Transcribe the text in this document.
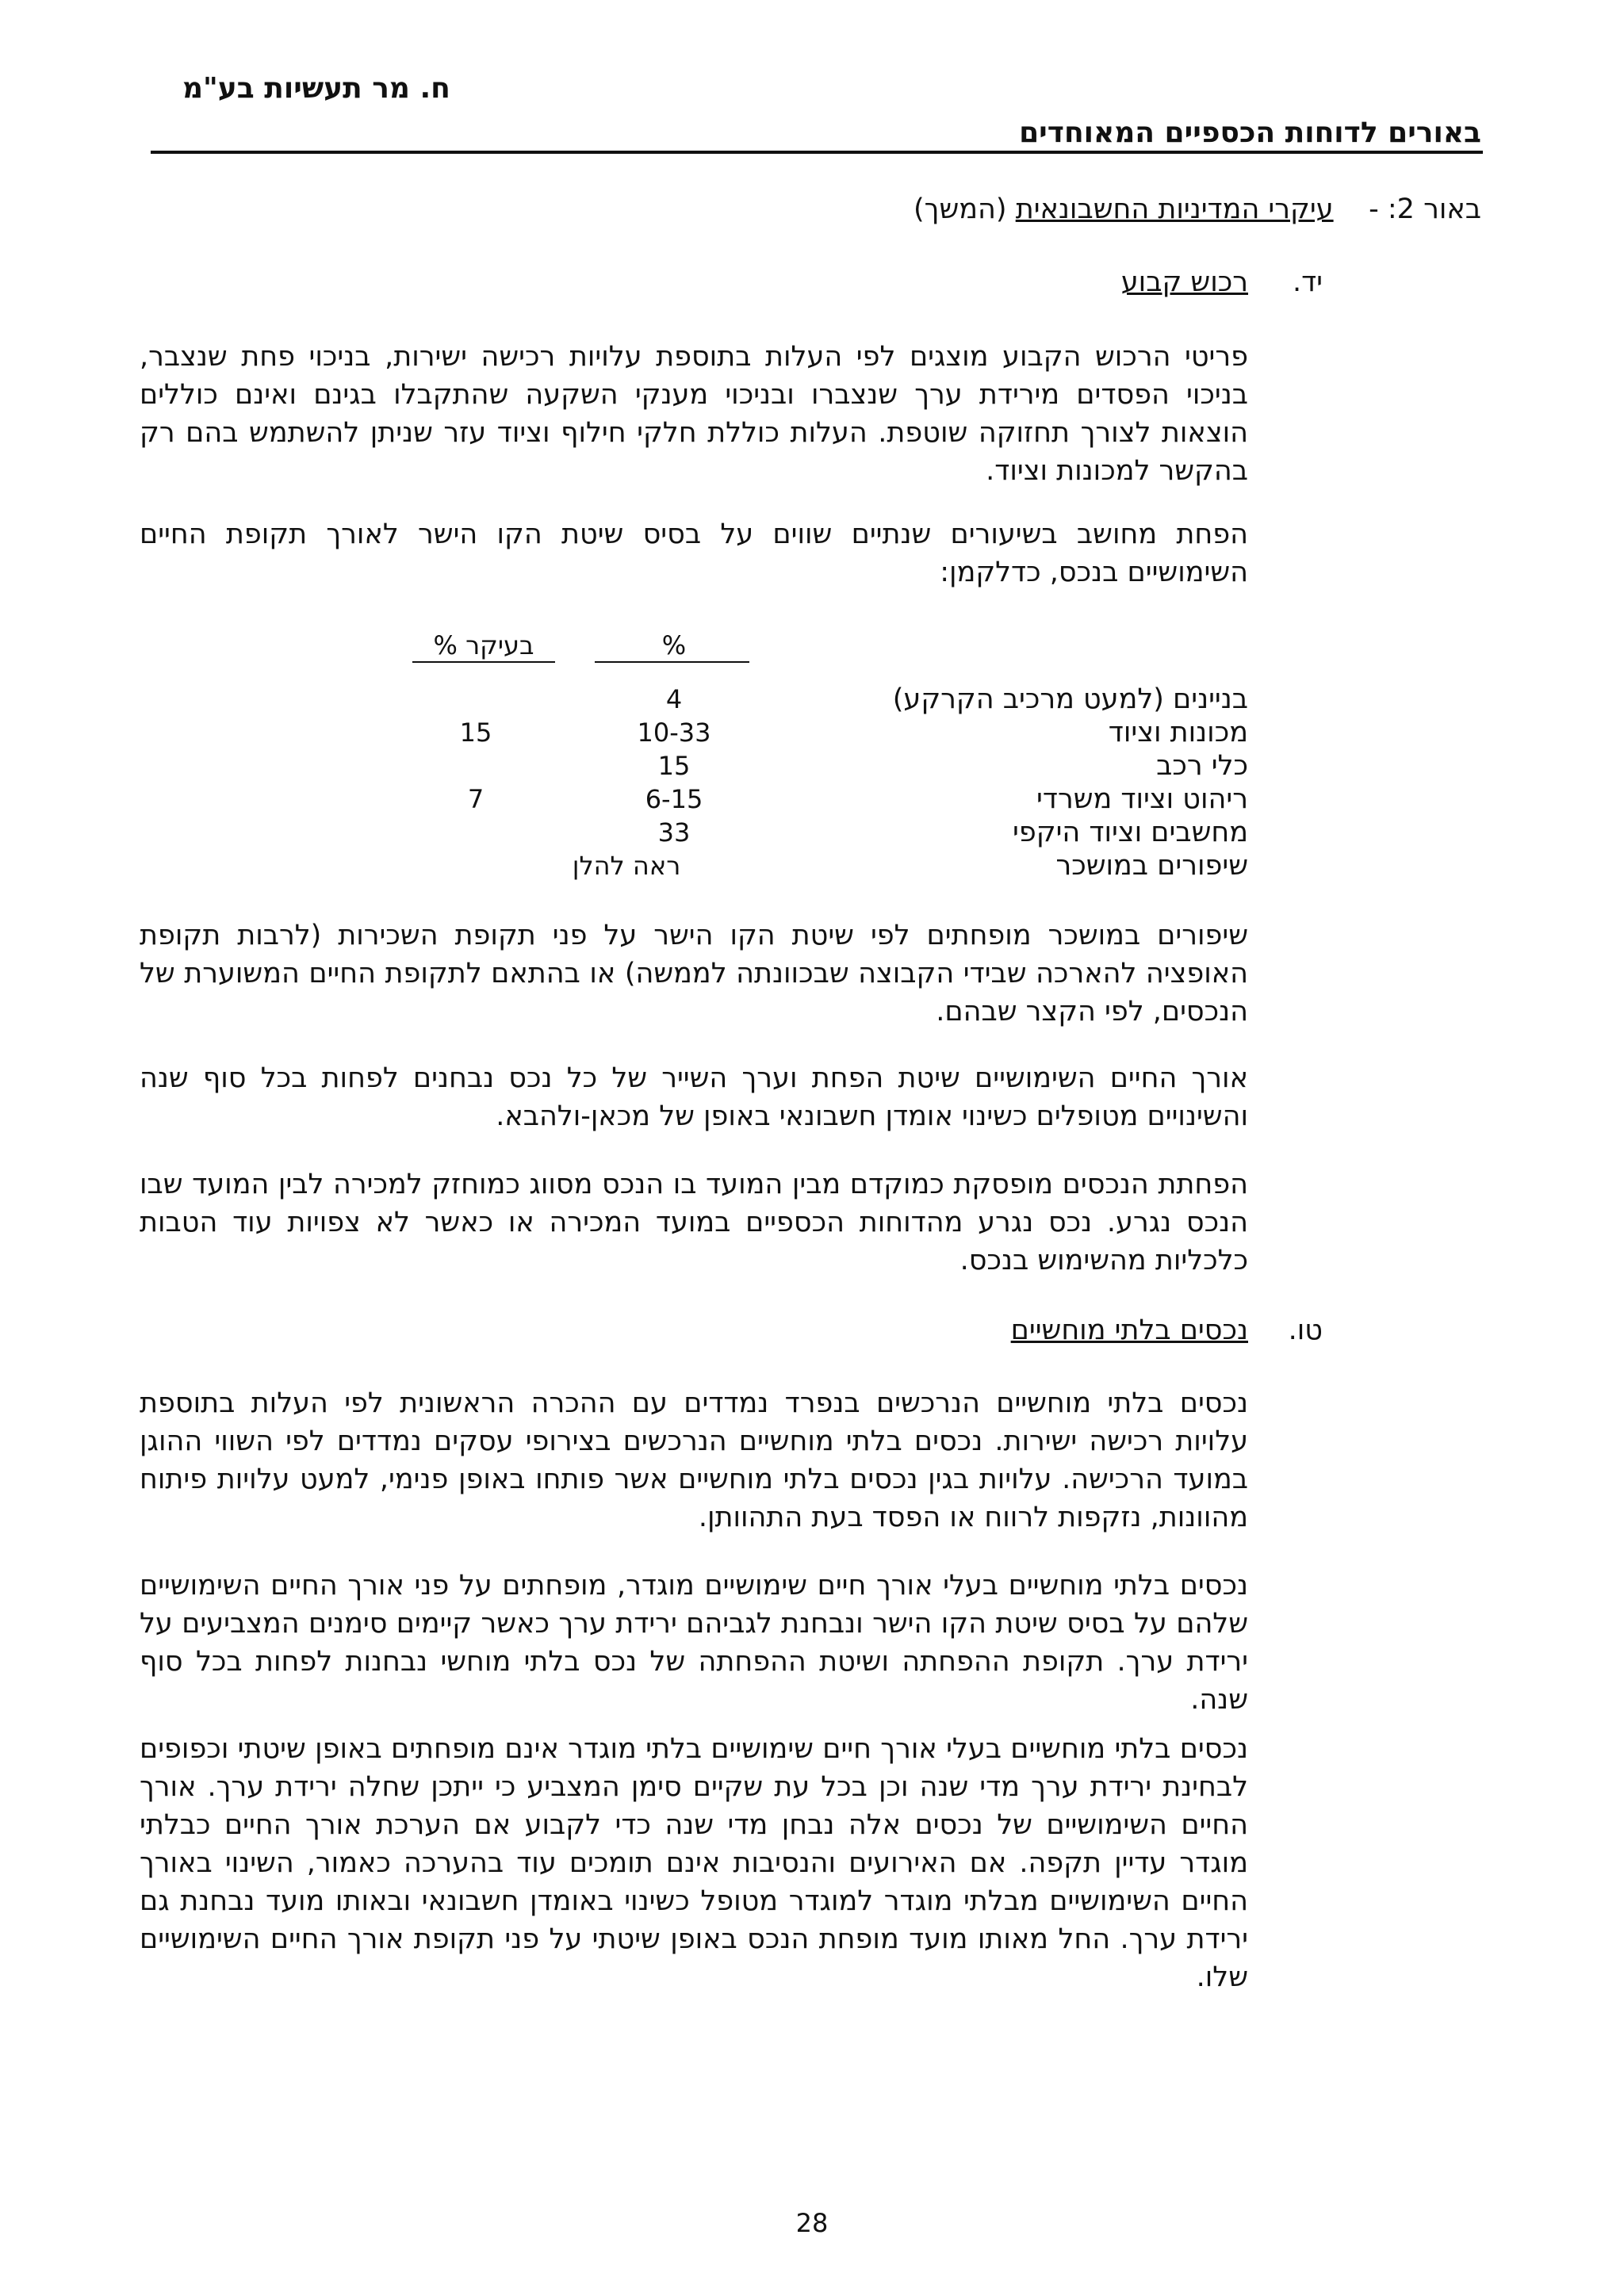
ח. מר תעשיות בע"מ
באורים לדוחות הכספיים המאוחדים
באור 2: -    עיקרי המדיניות החשבונאית (המשך)
יד.
רכוש קבוע

פריטי הרכוש הקבוע מוצגים לפי העלות בתוספת עלויות רכישה ישירות, בניכוי פחת שנצבר, בניכוי הפסדים מירידת ערך שנצברו ובניכוי מענקי השקעה שהתקבלו בגינם ואינם כוללים הוצאות לצורך תחזוקה שוטפת. העלות כוללת חלקי חילוף וציוד עזר שניתן להשתמש בהם רק בהקשר למכונות וציוד.

הפחת מחושב בשיעורים שנתיים שווים על בסיס שיטת הקו הישר לאורך תקופת החיים השימושיים בנכס, כדלקמן:

%
בעיקר %
בניינים (למעט מרכיב הקרקע)
4
מכונות וציוד
10-33
15
כלי רכב
15
ריהוט וציוד משרדי
6-15
7
מחשבים וציוד היקפי
33
שיפורים במושכר
ראה להלן

שיפורים במושכר מופחתים לפי שיטת הקו הישר על פני תקופת השכירות (לרבות תקופת האופציה להארכה שבידי הקבוצה שבכוונתה לממשה) או בהתאם לתקופת החיים המשוערת של הנכסים, לפי הקצר שבהם.

אורך החיים השימושיים שיטת הפחת וערך השייר של כל נכס נבחנים לפחות בכל סוף שנה והשינויים מטופלים כשינוי אומדן חשבונאי באופן של מכאן-ולהבא.

הפחתת הנכסים מופסקת כמוקדם מבין המועד בו הנכס מסווג כמוחזק למכירה לבין המועד שבו הנכס נגרע. נכס נגרע מהדוחות הכספיים במועד המכירה או כאשר לא צפויות עוד הטבות כלכליות מהשימוש בנכס.

טו.
נכסים בלתי מוחשיים

נכסים בלתי מוחשיים הנרכשים בנפרד נמדדים עם ההכרה הראשונית לפי העלות בתוספת עלויות רכישה ישירות. נכסים בלתי מוחשיים הנרכשים בצירופי עסקים נמדדים לפי השווי ההוגן במועד הרכישה. עלויות בגין נכסים בלתי מוחשיים אשר פותחו באופן פנימי, למעט עלויות פיתוח מהוונות, נזקפות לרווח או הפסד בעת התהוותן.

נכסים בלתי מוחשיים בעלי אורך חיים שימושיים מוגדר, מופחתים על פני אורך החיים השימושיים שלהם על בסיס שיטת הקו הישר ונבחנת לגביהם ירידת ערך כאשר קיימים סימנים המצביעים על ירידת ערך. תקופת ההפחתה ושיטת ההפחתה של נכס בלתי מוחשי נבחנות לפחות בכל סוף שנה.

נכסים בלתי מוחשיים בעלי אורך חיים שימושיים בלתי מוגדר אינם מופחתים באופן שיטתי וכפופים לבחינת ירידת ערך מדי שנה וכן בכל עת שקיים סימן המצביע כי ייתכן שחלה ירידת ערך. אורך החיים השימושיים של נכסים אלה נבחן מדי שנה כדי לקבוע אם הערכת אורך החיים כבלתי מוגדר עדיין תקפה. אם האירועים והנסיבות אינם תומכים עוד בהערכה כאמור, השינוי באורך החיים השימושיים מבלתי מוגדר למוגדר מטופל כשינוי באומדן חשבונאי ובאותו מועד נבחנת גם ירידת ערך. החל מאותו מועד מופחת הנכס באופן שיטתי על פני תקופת אורך החיים השימושיים שלו.

28
